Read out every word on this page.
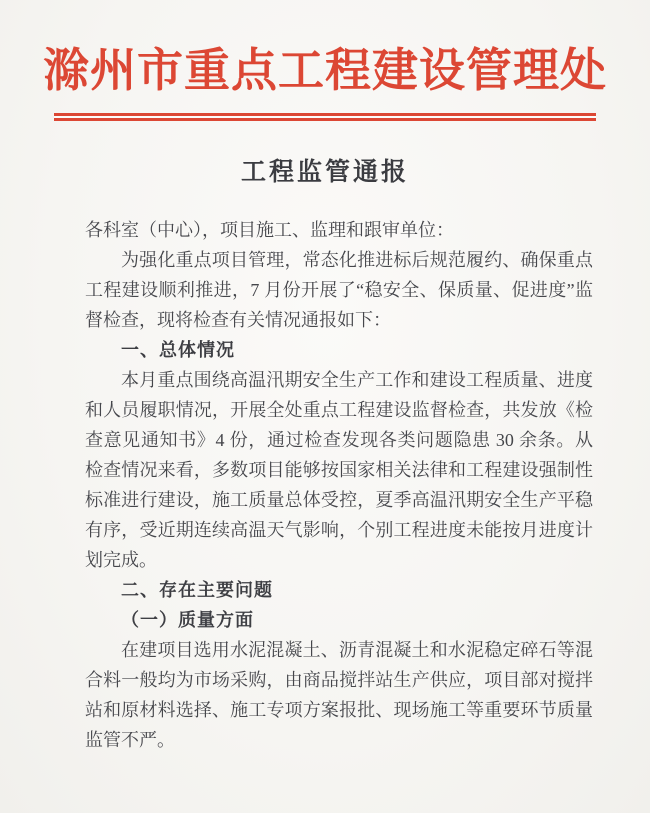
滁州市重点工程建设管理处
工程监管通报

各科室（中心），项目施工、监理和跟审单位：

为强化重点项目管理，常态化推进标后规范履约、确保重点工程建设顺利推进，7 月份开展了“稳安全、保质量、促进度”监督检查，现将检查有关情况通报如下：

一、总体情况

本月重点围绕高温汛期安全生产工作和建设工程质量、进度和人员履职情况，开展全处重点工程建设监督检查，共发放《检查意见通知书》4 份，通过检查发现各类问题隐患 30 余条。从检查情况来看，多数项目能够按国家相关法律和工程建设强制性标准进行建设，施工质量总体受控，夏季高温汛期安全生产平稳有序，受近期连续高温天气影响，个别工程进度未能按月进度计划完成。

二、存在主要问题

（一）质量方面

在建项目选用水泥混凝土、沥青混凝土和水泥稳定碎石等混合料一般均为市场采购，由商品搅拌站生产供应，项目部对搅拌站和原材料选择、施工专项方案报批、现场施工等重要环节质量监管不严。
